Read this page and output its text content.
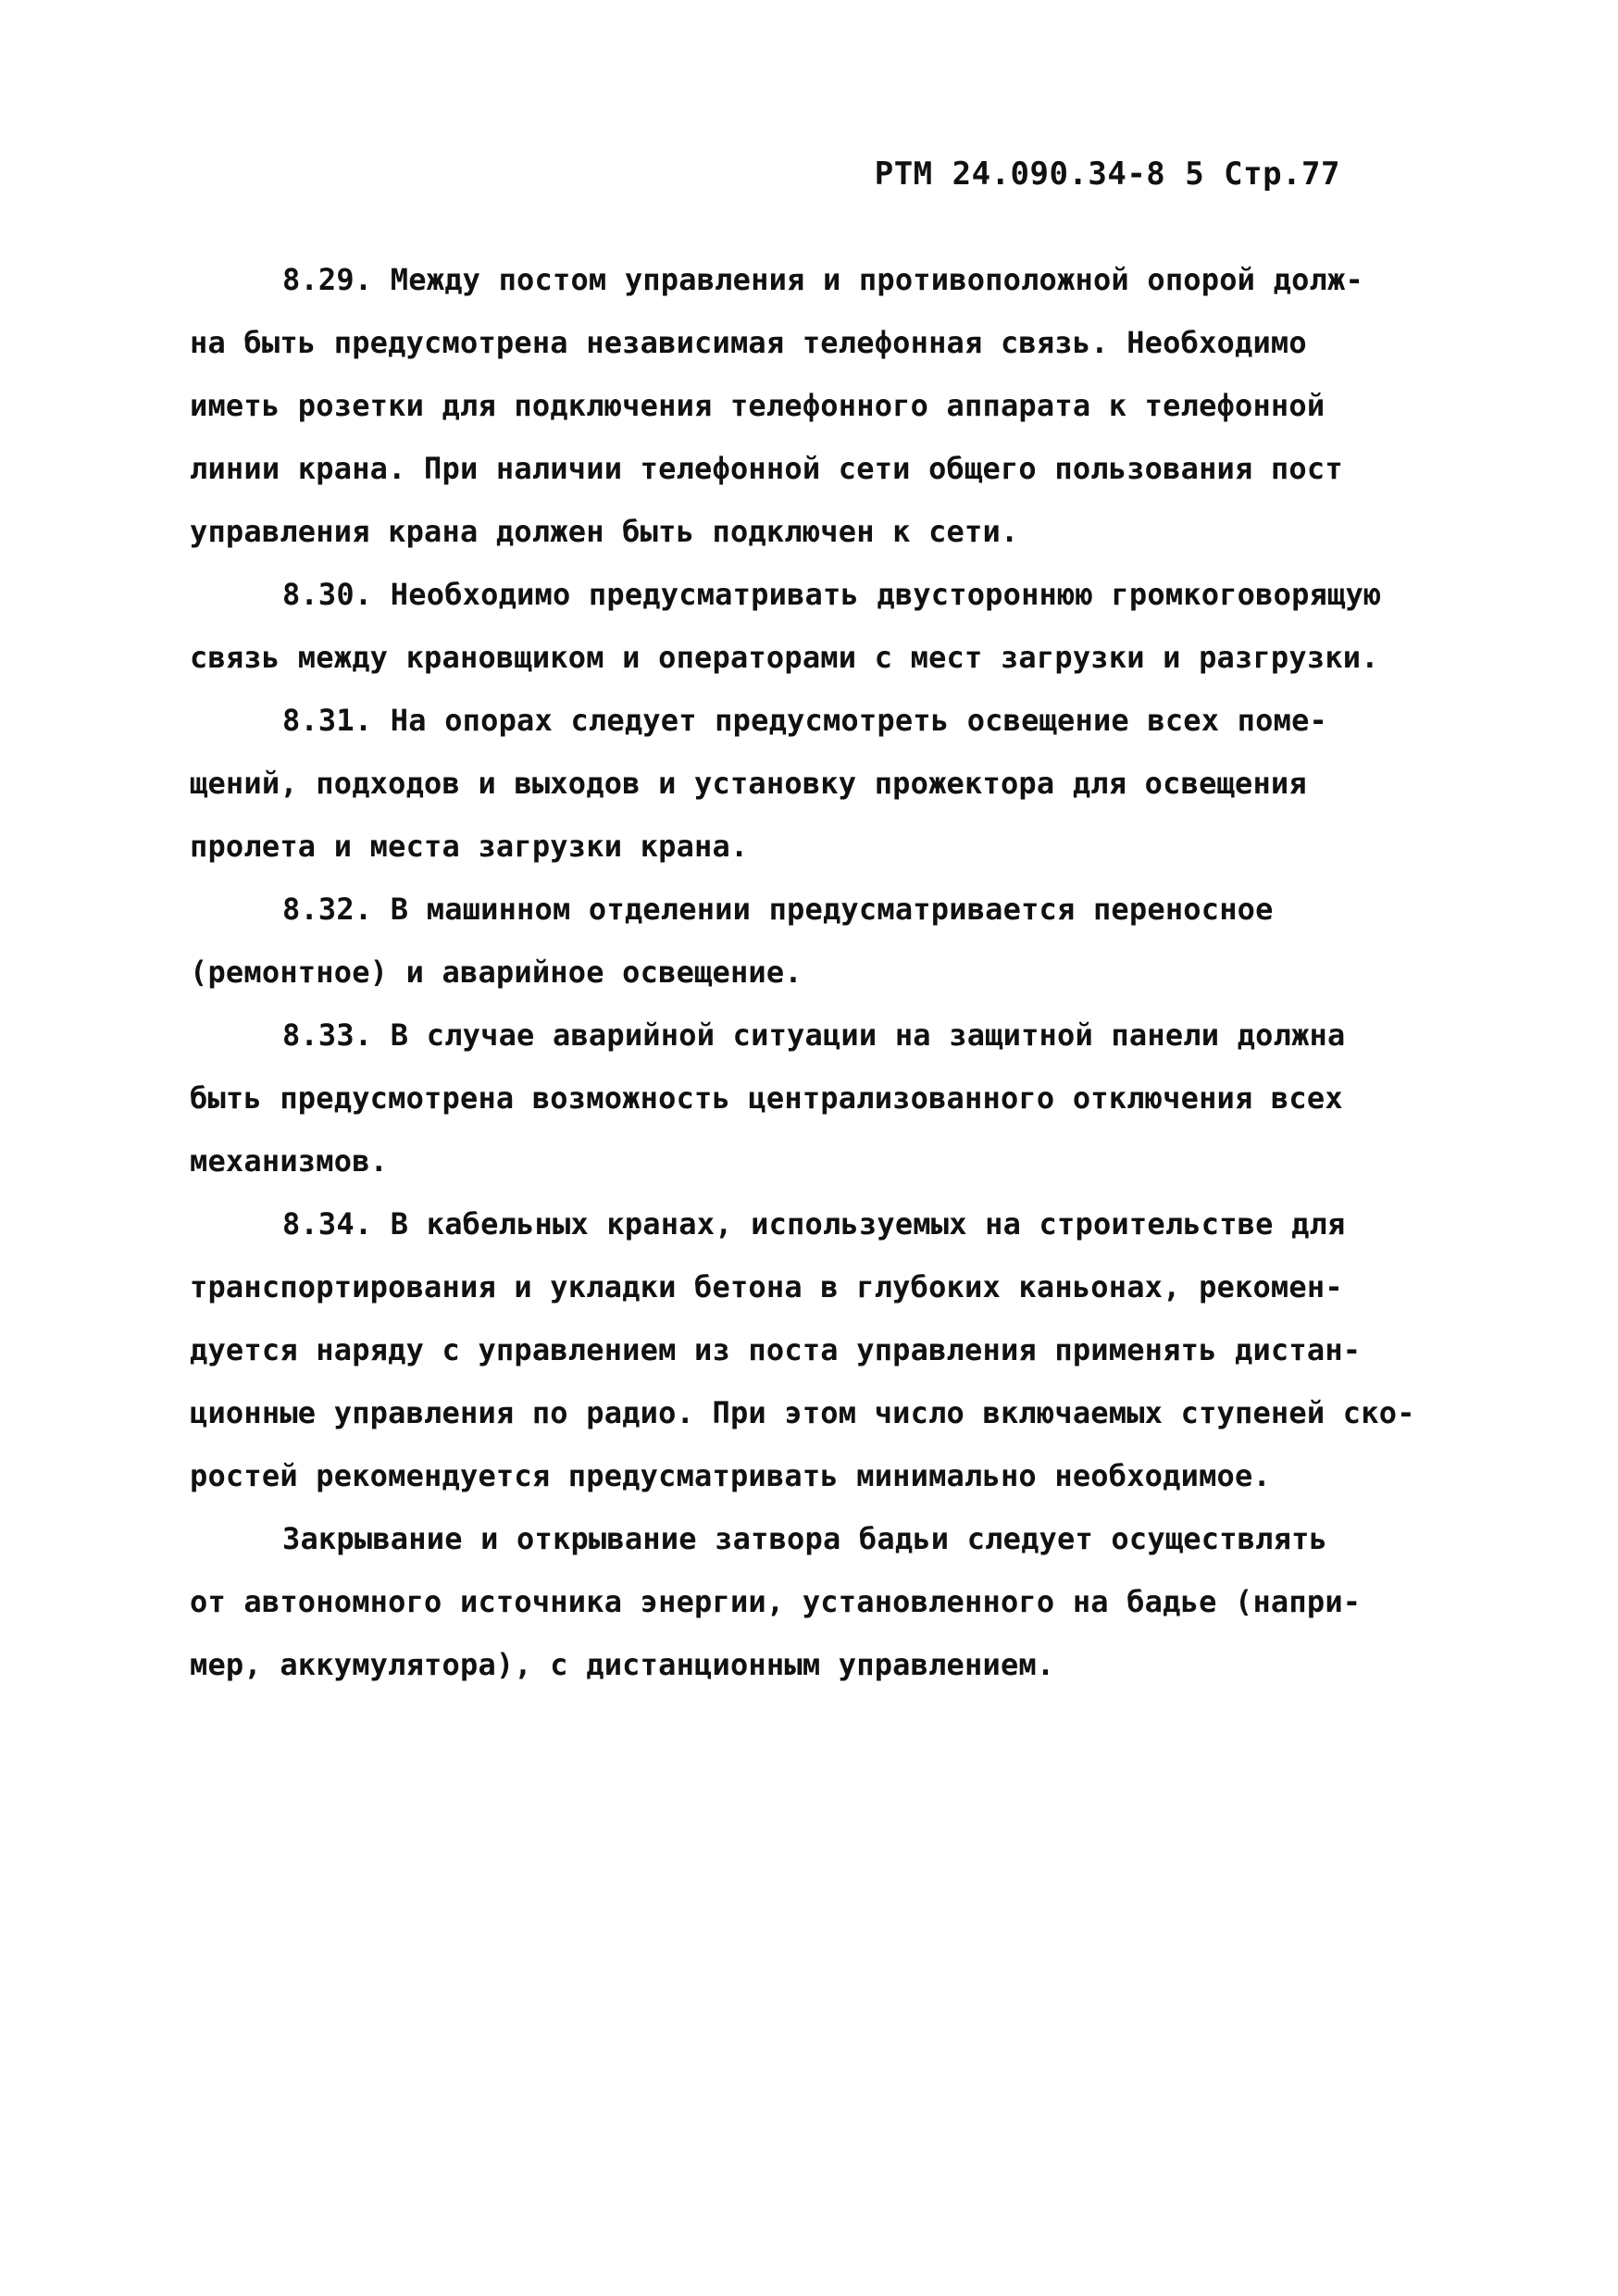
РТМ 24.090.34-8 5 Стр.77
8.29. Между постом управления и противоположной опорой долж-
на быть предусмотрена независимая телефонная связь. Необходимо
иметь розетки для подключения телефонного аппарата к телефонной
линии крана. При наличии телефонной сети общего пользования пост
управления крана должен быть подключен к сети.
8.30. Необходимо предусматривать двустороннюю громкоговорящую
связь между крановщиком и операторами с мест загрузки и разгрузки.
8.31. На опорах следует предусмотреть освещение всех поме-
щений, подходов и выходов и установку прожектора для освещения
пролета и места загрузки крана.
8.32. В машинном отделении предусматривается переносное
(ремонтное) и аварийное освещение.
8.33. В случае аварийной ситуации на защитной панели должна
быть предусмотрена возможность централизованного отключения всех
механизмов.
8.34. В кабельных кранах, используемых на строительстве для
транспортирования и укладки бетона в глубоких каньонах, рекомен-
дуется наряду с управлением из поста управления применять дистан-
ционные управления по радио. При этом число включаемых ступеней ско-
ростей рекомендуется предусматривать минимально необходимое.
Закрывание и открывание затвора бадьи следует осуществлять
от автономного источника энергии, установленного на бадье (напри-
мер, аккумулятора), с дистанционным управлением.
